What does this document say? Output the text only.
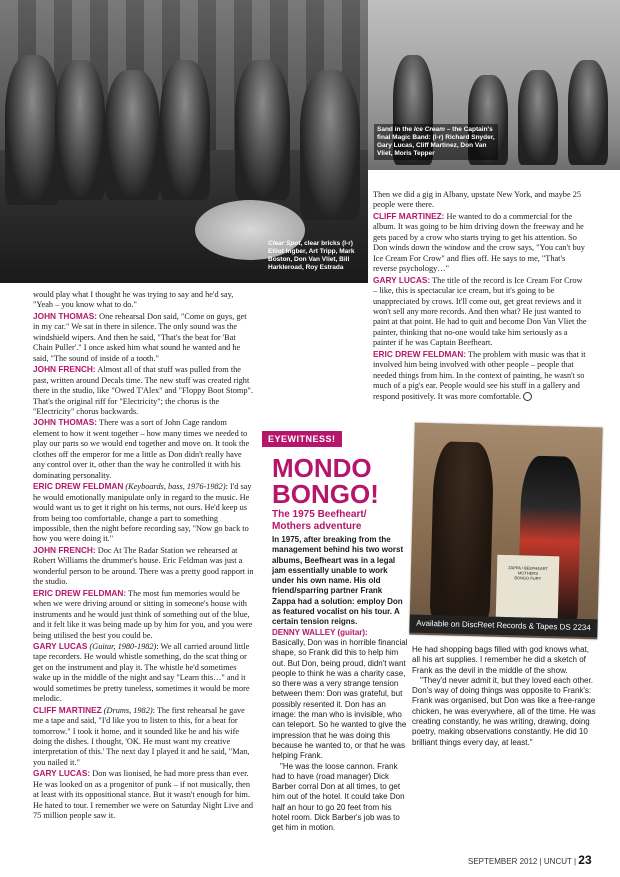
Clear Spot, clear bricks (l-r) Elliot Ingber, Art Tripp, Mark Boston, Don Van Vliet, Bill Harkleroad, Roy Estrada
Sand in the Ice Cream – the Captain's final Magic Band: (l-r) Richard Snyder, Gary Lucas, Cliff Martinez, Don Van Vliet, Moris Tepper

would play what I thought he was trying to say and he'd say, "Yeah – you know what to do."

JOHN THOMAS: One rehearsal Don said, "Come on guys, get in my car." We sat in there in silence. The only sound was the windshield wipers. And then he said, "That's the beat for 'Bat Chain Puller'." I once asked him what sound he wanted and he said, "The sound of inside of a tooth."

JOHN FRENCH: Almost all of that stuff was pulled from the past, written around Decals time. The new stuff was created right there in the studio, like "Owed T'Alex" and "Floppy Boot Stomp". That's the original riff for "Electricity"; the chorus is the "Electricity" chorus backwards.

JOHN THOMAS: There was a sort of John Cage random element to how it went together – how many times we needed to play our parts so we would end together and move on. It took the clothes off the emperor for me a little as Don didn't really have any control over it, other than the way he controlled it with his dominating personality.

ERIC DREW FELDMAN (Keyboards, bass, 1976-1982): I'd say he would emotionally manipulate only in regard to the music. He would want us to get it right on his terms, not ours. He'd keep us from being too comfortable, change a part to something impossible, then the night before recording say, "Now go back to how you were doing it."

JOHN FRENCH: Doc At The Radar Station we rehearsed at Robert Williams the drummer's house. Eric Feldman was just a wonderful person to be around. There was a pretty good rapport in the studio.

ERIC DREW FELDMAN: The most fun memories would be when we were driving around or sitting in someone's house with instruments and he would just think of something out of the blue, and it felt like it was being made up by him for you, and you were being utilised the best you could be.

GARY LUCAS (Guitar, 1980-1982): We all carried around little tape recorders. He would whistle something, do the scat thing or get on the instrument and play it. The whistle he'd sometimes wake up in the middle of the night and say "Learn this…" and it would sometimes be pretty tuneless, sometimes it would be more melodic.

CLIFF MARTINEZ (Drums, 1982): The first rehearsal he gave me a tape and said, "I'd like you to listen to this, for a beat for tomorrow." I took it home, and it sounded like he and his wife doing the dishes. I thought, 'OK. He must want my creative interpretation of this.' The next day I played it and he said, "Man, you nailed it."

GARY LUCAS: Don was lionised, he had more press than ever. He was looked on as a progenitor of punk – if not musically, then at least with its oppositional stance. But it wasn't enough for him. He hated to tour. I remember we were on Saturday Night Live and 75 million people saw it.

Then we did a gig in Albany, upstate New York, and maybe 25 people were there.

CLIFF MARTINEZ: He wanted to do a commercial for the album. It was going to be him driving down the freeway and he gets paced by a crow who starts trying to get his attention. So Don winds down the window and the crow says, "You can't buy Ice Cream For Crow" and flies off. He says to me, "That's reverse psychology…"

GARY LUCAS: The title of the record is Ice Cream For Crow – like, this is spectacular ice cream, but it's going to be unappreciated by crows. It'll come out, get great reviews and it won't sell any more records. And then what? He just wanted to paint at that point. He had to quit and become Don Van Vliet the painter, thinking that no-one would take him seriously as a painter if he was Captain Beefheart.

ERIC DREW FELDMAN: The problem with music was that it involved him being involved with other people – people that needed things from him. In the context of painting, he wasn't so much of a pig's ear. People would see his stuff in a gallery and respond positively. It was more comfortable.

EYEWITNESS!
MONDO BONGO!
The 1975 Beefheart/ Mothers adventure

In 1975, after breaking from the management behind his two worst albums, Beefheart was in a legal jam essentially unable to work under his own name. His old friend/sparring partner Frank Zappa had a solution: employ Don as featured vocalist on his tour. A certain tension reigns.

DENNY WALLEY (guitar):

Basically, Don was in horrible financial shape, so Frank did this to help him out. But Don, being proud, didn't want people to think he was a charity case, so there was a very strange tension between them: Don was grateful, but possibly resented it. Don has an image: the man who is invisible, who can teleport. So he wanted to give the impression that he was doing this because he wanted to, or that he was helping Frank.

"He was the loose cannon. Frank had to have (road manager) Dick Barber corral Don at all times, to get him out of the hotel. It could take Don half an hour to go 20 feet from his hotel room. Dick Barber's job was to get him in motion.

ZAPPA / BEEFHEART
MOTHERS
BONGO FURY
Available on DiscReet Records & Tapes DS 2234

He had shopping bags filled with god knows what, all his art supplies. I remember he did a sketch of Frank as the devil in the middle of the show.

"They'd never admit it, but they loved each other. Don's way of doing things was opposite to Frank's: Frank was organised, but Don was like a free-range chicken, he was everywhere, all of the time. He was creating constantly, he was writing, drawing, doing poetry, making observations constantly. He did 10 brilliant things every day, at least."

SEPTEMBER 2012 | UNCUT | 23
